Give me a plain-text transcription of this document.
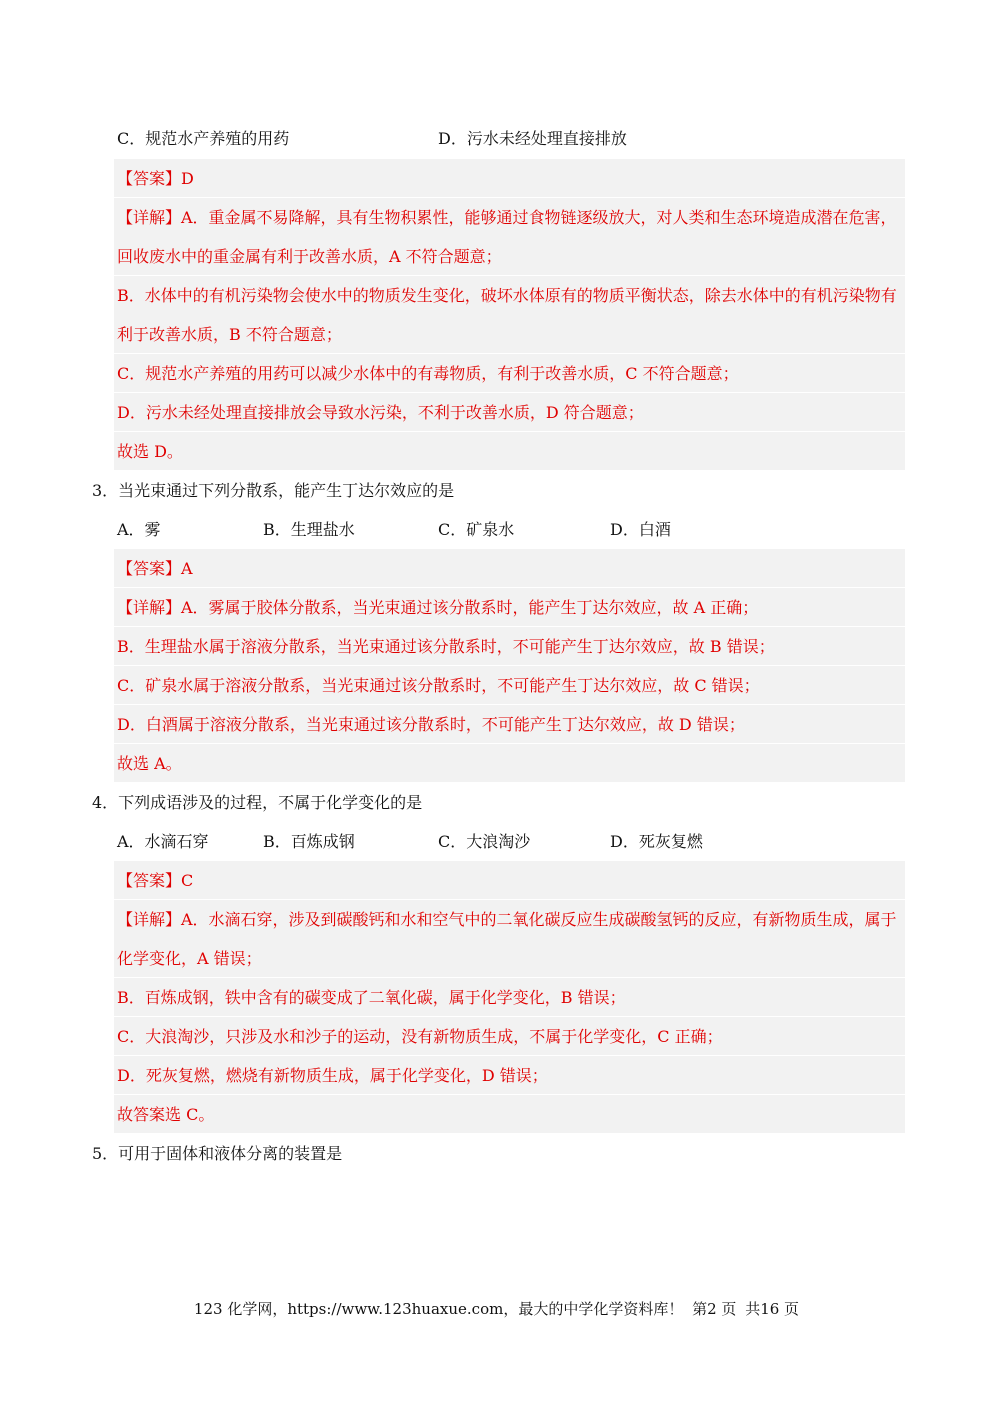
C．规范水产养殖的用药	D．污水未经处理直接排放
【答案】D
【详解】A．重金属不易降解，具有生物积累性，能够通过食物链逐级放大，对人类和生态环境造成潜在危害，回收废水中的重金属有利于改善水质，A 不符合题意；
B．水体中的有机污染物会使水中的物质发生变化，破坏水体原有的物质平衡状态，除去水体中的有机污染物有利于改善水质，B 不符合题意；
C．规范水产养殖的用药可以减少水体中的有毒物质，有利于改善水质，C 不符合题意；
D．污水未经处理直接排放会导致水污染，不利于改善水质，D 符合题意；
故选 D。
3．当光束通过下列分散系，能产生丁达尔效应的是
A．雾	B．生理盐水	C．矿泉水	D．白酒
【答案】A
【详解】A．雾属于胶体分散系，当光束通过该分散系时，能产生丁达尔效应，故 A 正确；
B．生理盐水属于溶液分散系，当光束通过该分散系时，不可能产生丁达尔效应，故 B 错误；
C．矿泉水属于溶液分散系，当光束通过该分散系时，不可能产生丁达尔效应，故 C 错误；
D．白酒属于溶液分散系，当光束通过该分散系时，不可能产生丁达尔效应，故 D 错误；
故选 A。
4．下列成语涉及的过程，不属于化学变化的是
A．水滴石穿	B．百炼成钢	C．大浪淘沙	D．死灰复燃
【答案】C
【详解】A．水滴石穿，涉及到碳酸钙和水和空气中的二氧化碳反应生成碳酸氢钙的反应，有新物质生成，属于化学变化，A 错误；
B．百炼成钢，铁中含有的碳变成了二氧化碳，属于化学变化，B 错误；
C．大浪淘沙，只涉及水和沙子的运动，没有新物质生成，不属于化学变化，C 正确；
D．死灰复燃，燃烧有新物质生成，属于化学变化，D 错误；
故答案选 C。
5．可用于固体和液体分离的装置是
123 化学网，https://www.123huaxue.com，最大的中学化学资料库！ 第2 页 共16 页
